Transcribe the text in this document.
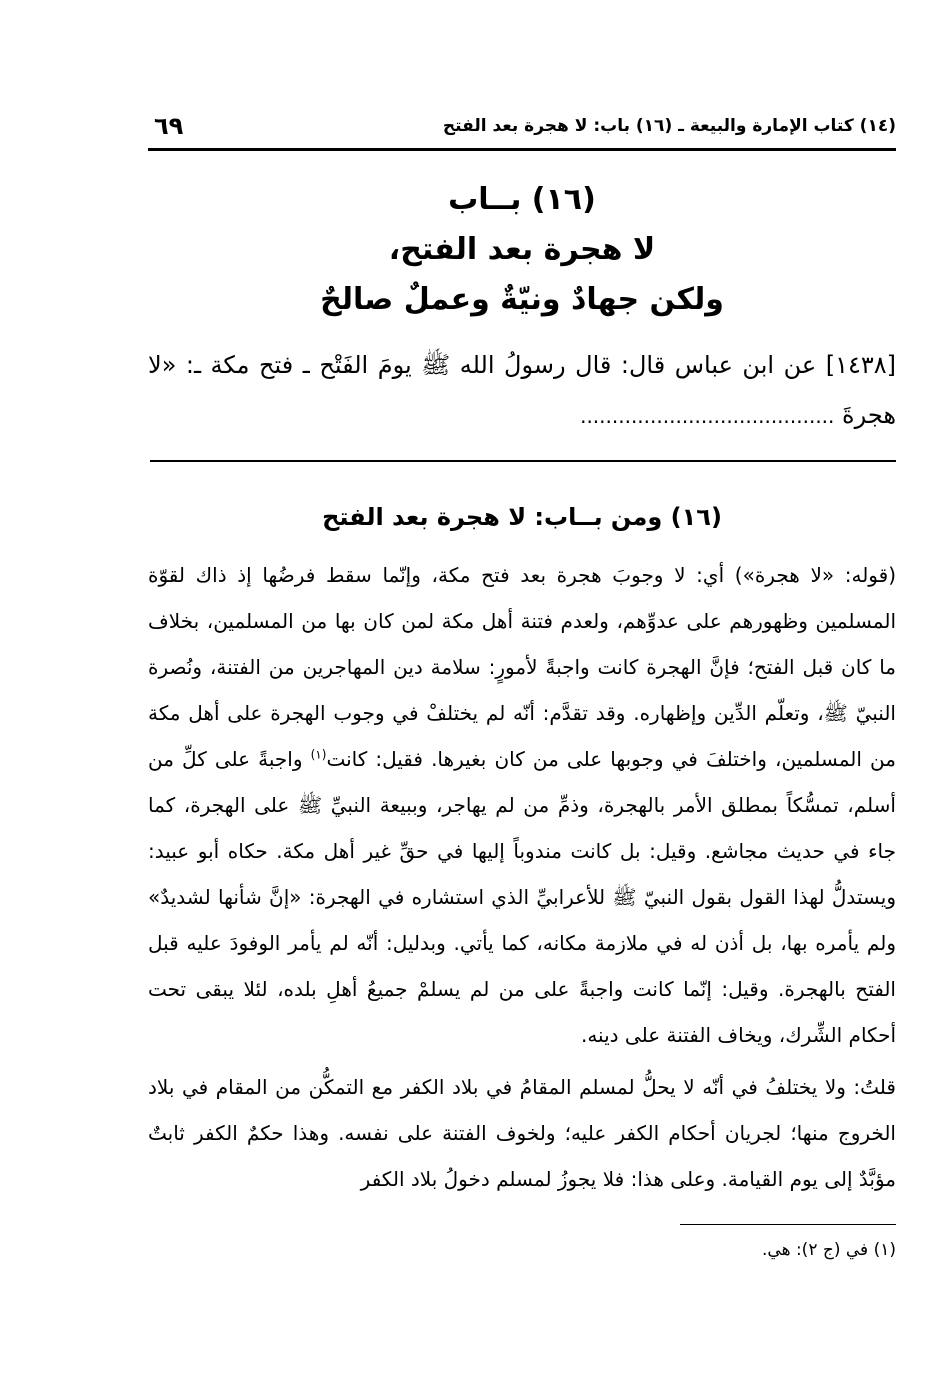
(١٤) كتاب الإمارة والبيعة ـ (١٦) باب: لا هجرة بعد الفتح
٦٩
(١٦) بــاب
لا هجرة بعد الفتح،
ولكن جهادٌ ونيّةٌ وعملٌ صالحٌ
[١٤٣٨] عن ابن عباس قال: قال رسولُ الله ﷺ يومَ الفَتْح ـ فتح مكة ـ: «لا هجرةَ ........................................
(١٦) ومن بــاب: لا هجرة بعد الفتح

(قوله: «لا هجرة») أي: لا وجوبَ هجرة بعد فتح مكة، وإنّما سقط فرضُها إذ ذاك لقوّة المسلمين وظهورهم على عدوِّهم، ولعدم فتنة أهل مكة لمن كان بها من المسلمين، بخلاف ما كان قبل الفتح؛ فإنَّ الهجرة كانت واجبةً لأمورٍ: سلامة دين المهاجرين من الفتنة، ونُصرة النبيّ ﷺ، وتعلّم الدِّين وإظهاره. وقد تقدَّم: أنّه لم يختلفْ في وجوب الهجرة على أهل مكة من المسلمين، واختلفَ في وجوبها على من كان بغيرها. فقيل: كانت$^{(١)}$ واجبةً على كلِّ من أسلم، تمسُّكاً بمطلق الأمر بالهجرة، وذمِّ من لم يهاجر، وببيعة النبيِّ ﷺ على الهجرة، كما جاء في حديث مجاشع. وقيل: بل كانت مندوباً إليها في حقِّ غير أهل مكة. حكاه أبو عبيد: ويستدلُّ لهذا القول بقول النبيّ ﷺ للأعرابيِّ الذي استشاره في الهجرة: «إنَّ شأنها لشديدٌ» ولم يأمره بها، بل أذن له في ملازمة مكانه، كما يأتي. وبدليل: أنّه لم يأمر الوفودَ عليه قبل الفتح بالهجرة. وقيل: إنّما كانت واجبةً على من لم يسلمْ جميعُ أهلِ بلده، لئلا يبقى تحت أحكام الشِّرك، ويخاف الفتنة على دينه.

قلتُ: ولا يختلفُ في أنّه لا يحلُّ لمسلم المقامُ في بلاد الكفر مع التمكُّن من المقام في بلاد الخروج منها؛ لجريان أحكام الكفر عليه؛ ولخوف الفتنة على نفسه. وهذا حكمٌ الكفر ثابتٌ مؤبَّدٌ إلى يوم القيامة. وعلى هذا: فلا يجوزُ لمسلم دخولُ بلاد الكفر

(١) في (ج ٢): هي.
